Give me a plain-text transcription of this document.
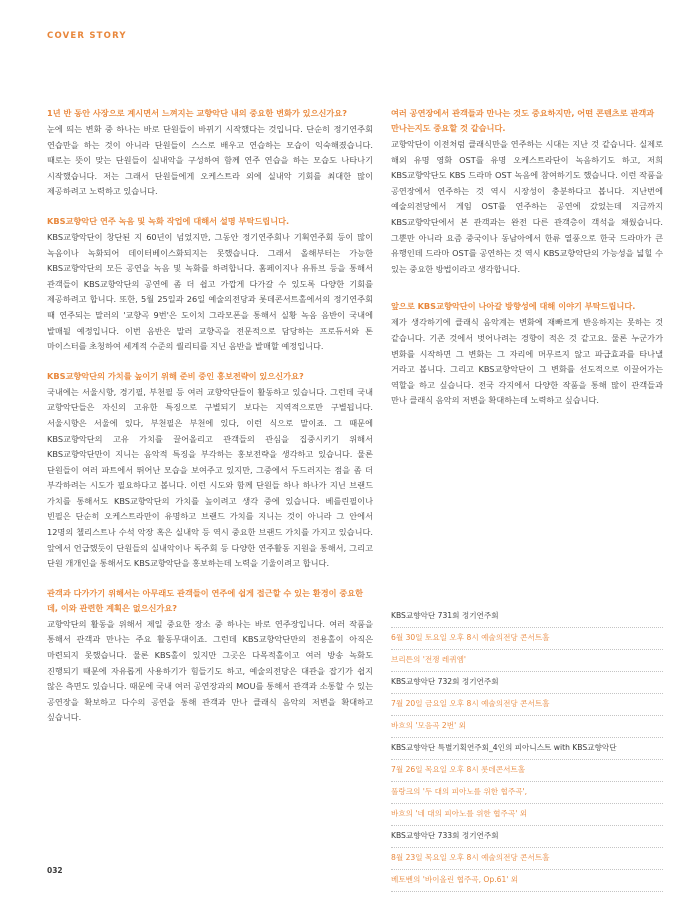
COVER STORY

1년 반 동안 사장으로 계시면서 느껴지는 교향악단 내의 중요한 변화가 있으신가요?

눈에 띄는 변화 중 하나는 바로 단원들이 바뀌기 시작했다는 것입니다. 단순히 정기연주회 연습만을 하는 것이 아니라 단원들이 스스로 배우고 연습하는 모습이 익숙해졌습니다. 때로는 뜻이 맞는 단원들이 실내악을 구성하여 함께 연주 연습을 하는 모습도 나타나기 시작했습니다. 저는 그래서 단원들에게 오케스트라 외에 실내악 기회를 최대한 많이 제공하려고 노력하고 있습니다.

KBS교향악단 연주 녹음 및 녹화 작업에 대해서 설명 부탁드립니다.

KBS교향악단이 창단된 지 60년이 넘었지만, 그동안 정기연주회나 기획연주회 등이 많이 녹음이나 녹화되어 데이터베이스화되지는 못했습니다. 그래서 올해부터는 가능한 KBS교향악단의 모든 공연을 녹음 및 녹화를 하려합니다. 홈페이지나 유튜브 등을 통해서 관객들이 KBS교향악단의 공연에 좀 더 쉽고 가깝게 다가갈 수 있도록 다양한 기회를 제공하려고 합니다. 또한, 5월 25일과 26일 예술의전당과 롯데콘서트홀에서의 정기연주회 때 연주되는 말러의 '교향곡 9번'은 도이치 그라모폰을 통해서 실황 녹음 음반이 국내에 발매될 예정입니다. 이번 음반은 말러 교향곡을 전문적으로 담당하는 프로듀서와 톤 마이스터를 초청하여 세계적 수준의 퀄리티를 지닌 음반을 발매할 예정입니다.

KBS교향악단의 가치를 높이기 위해 준비 중인 홍보전략이 있으신가요?

국내에는 서울시향, 경기필, 부천필 등 여러 교향악단들이 활동하고 있습니다. 그런데 국내 교향악단들은 자신의 고유한 특징으로 구별되기 보다는 지역적으로만 구별됩니다. 서울시향은 서울에 있다, 부천필은 부천에 있다, 이런 식으로 말이죠. 그 때문에 KBS교향악단의 고유 가치를 끌어올리고 관객들의 관심을 집중시키기 위해서 KBS교향악단만이 지니는 음악적 특징을 부각하는 홍보전략을 생각하고 있습니다. 물론 단원들이 여러 파트에서 뛰어난 모습을 보여주고 있지만, 그중에서 두드러지는 점을 좀 더 부각하려는 시도가 필요하다고 봅니다. 이런 시도와 함께 단원들 하나 하나가 지닌 브랜드 가치를 통해서도 KBS교향악단의 가치를 높이려고 생각 중에 있습니다. 베를린필이나 빈필은 단순히 오케스트라만이 유명하고 브랜드 가치를 지니는 것이 아니라 그 안에서 12명의 첼리스트나 수석 악장 혹은 실내악 등 역시 중요한 브랜드 가치를 가지고 있습니다. 앞에서 언급했듯이 단원들의 실내악이나 독주회 등 다양한 연주활동 지원을 통해서, 그리고 단원 개개인을 통해서도 KBS교향악단을 홍보하는데 노력을 기울이려고 합니다.

관객과 다가가기 위해서는 아무래도 관객들이 연주에 쉽게 접근할 수 있는 환경이 중요한데, 이와 관련한 계획은 없으신가요?

교향악단의 활동을 위해서 제일 중요한 장소 중 하나는 바로 연주장입니다. 여러 작품을 통해서 관객과 만나는 주요 활동무대이죠. 그런데 KBS교향악단만의 전용홀이 아직은 마련되지 못했습니다. 물론 KBS홀이 있지만 그곳은 다목적홀이고 여러 방송 녹화도 진행되기 때문에 자유롭게 사용하기가 힘들기도 하고, 예술의전당은 대관을 잡기가 쉽지 않은 측면도 있습니다. 때문에 국내 여러 공연장과의 MOU를 통해서 관객과 소통할 수 있는 공연장을 확보하고 다수의 공연을 통해 관객과 만나 클래식 음악의 저변을 확대하고 싶습니다.

여러 공연장에서 관객들과 만나는 것도 중요하지만, 어떤 콘텐츠로 관객과 만나는지도 중요할 것 같습니다.

교향악단이 이전처럼 클래식만을 연주하는 시대는 지난 것 같습니다. 실제로 해외 유명 영화 OST를 유명 오케스트라단이 녹음하기도 하고, 저희 KBS교향악단도 KBS 드라마 OST 녹음에 참여하기도 했습니다. 이런 작품을 공연장에서 연주하는 것 역시 시장성이 충분하다고 봅니다. 지난번에 예술의전당에서 게임 OST를 연주하는 공연에 갔었는데 지금까지 KBS교향악단에서 본 관객과는 완전 다른 관객층이 객석을 채웠습니다. 그뿐만 아니라 요즘 중국이나 동남아에서 한류 열풍으로 한국 드라마가 큰 유행인데 드라마 OST를 공연하는 것 역시 KBS교향악단의 가능성을 넓힐 수 있는 중요한 방법이라고 생각합니다.

앞으로 KBS교향악단이 나아갈 방향성에 대해 이야기 부탁드립니다.

제가 생각하기에 클래식 음악계는 변화에 재빠르게 반응하지는 못하는 것 같습니다. 기존 것에서 벗어나려는 경향이 적은 것 같고요. 물론 누군가가 변화를 시작하면 그 변화는 그 자리에 머무르지 않고 파급효과를 타나낼 거라고 봅니다. 그리고 KBS교향악단이 그 변화를 선도적으로 이끌어가는 역할을 하고 싶습니다. 전국 각지에서 다양한 작품을 통해 많이 관객들과 만나 클래식 음악의 저변을 확대하는데 노력하고 싶습니다.

KBS교향악단 731회 정기연주회
6월 30일 토요일 오후 8시 예술의전당 콘서트홀
브리튼의 '전쟁 레퀴엠'
KBS교향악단 732회 정기연주회
7월 20일 금요일 오후 8시 예술의전당 콘서트홀
바흐의 '모음곡 2번' 외
KBS교향악단 특별기획연주회_4인의 피아니스트 with KBS교향악단
7월 26일 목요일 오후 8시 롯데콘서트홀
풀랑크의 '두 대의 피아노를 위한 협주곡',
바흐의 '네 대의 피아노를 위한 협주곡' 외
KBS교향악단 733회 정기연주회
8월 23일 목요일 오후 8시 예술의전당 콘서트홀
베토벤의 '바이올린 협주곡, Op.61' 외
032
